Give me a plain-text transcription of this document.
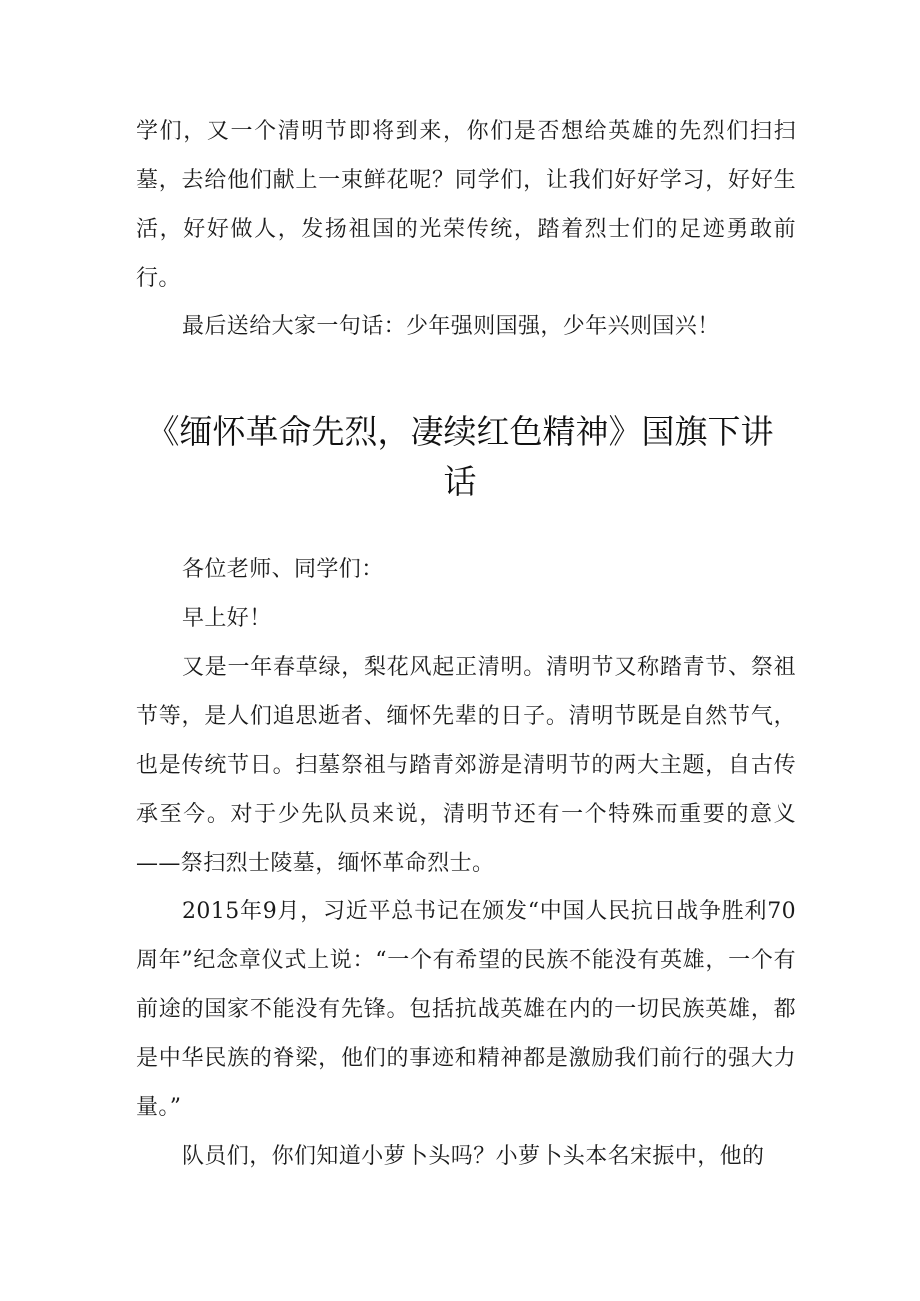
学们，又一个清明节即将到来，你们是否想给英雄的先烈们扫扫墓，去给他们献上一束鲜花呢？同学们，让我们好好学习，好好生活，好好做人，发扬祖国的光荣传统，踏着烈士们的足迹勇敢前行。

最后送给大家一句话：少年强则国强，少年兴则国兴！

《缅怀革命先烈，凄续红色精神》国旗下讲话

各位老师、同学们：

早上好！

又是一年春草绿，梨花风起正清明。清明节又称踏青节、祭祖节等，是人们追思逝者、缅怀先辈的日子。清明节既是自然节气，也是传统节日。扫墓祭祖与踏青郊游是清明节的两大主题，自古传承至今。对于少先队员来说，清明节还有一个特殊而重要的意义——祭扫烈士陵墓，缅怀革命烈士。

2015年9月，习近平总书记在颁发“中国人民抗日战争胜利70周年”纪念章仪式上说：“一个有希望的民族不能没有英雄，一个有前途的国家不能没有先锋。包括抗战英雄在内的一切民族英雄，都是中华民族的脊梁，他们的事迹和精神都是激励我们前行的强大力量。”

队员们，你们知道小萝卜头吗？小萝卜头本名宋振中，他的
